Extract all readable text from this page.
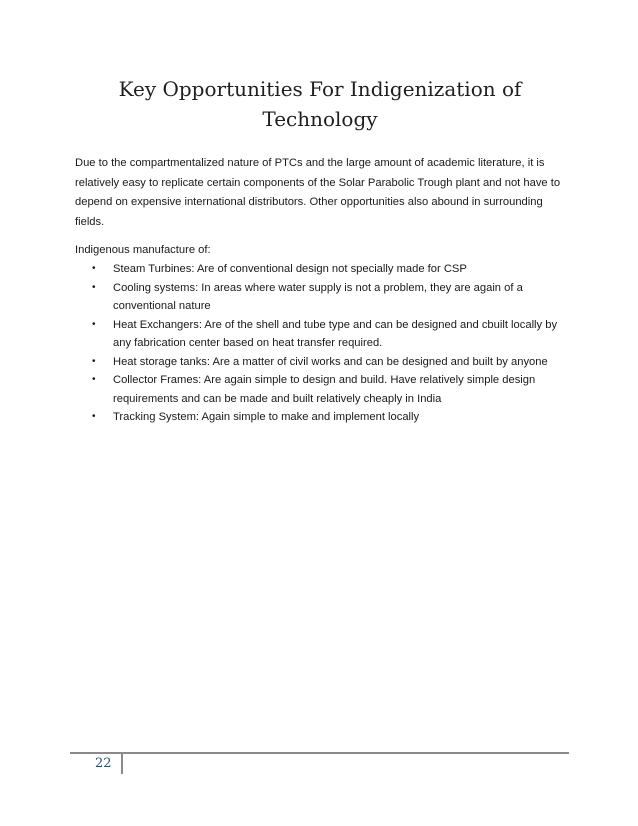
Key Opportunities For Indigenization of Technology
Due to the compartmentalized nature of PTCs and the large amount of academic literature, it is relatively easy to replicate certain components of the Solar Parabolic Trough plant and not have to depend on expensive international distributors. Other opportunities also abound in surrounding fields.
Indigenous manufacture of:
• Steam Turbines: Are of conventional design not specially made for CSP
• Cooling systems: In areas where water supply is not a problem, they are again of a conventional nature
• Heat Exchangers: Are of the shell and tube type and can be designed and cbuilt locally by any fabrication center based on heat transfer required.
• Heat storage tanks: Are a matter of civil works and can be designed and built by anyone
• Collector Frames: Are again simple to design and build. Have relatively simple design requirements and can be made and built relatively cheaply in India
• Tracking System: Again simple to make and implement locally
22
